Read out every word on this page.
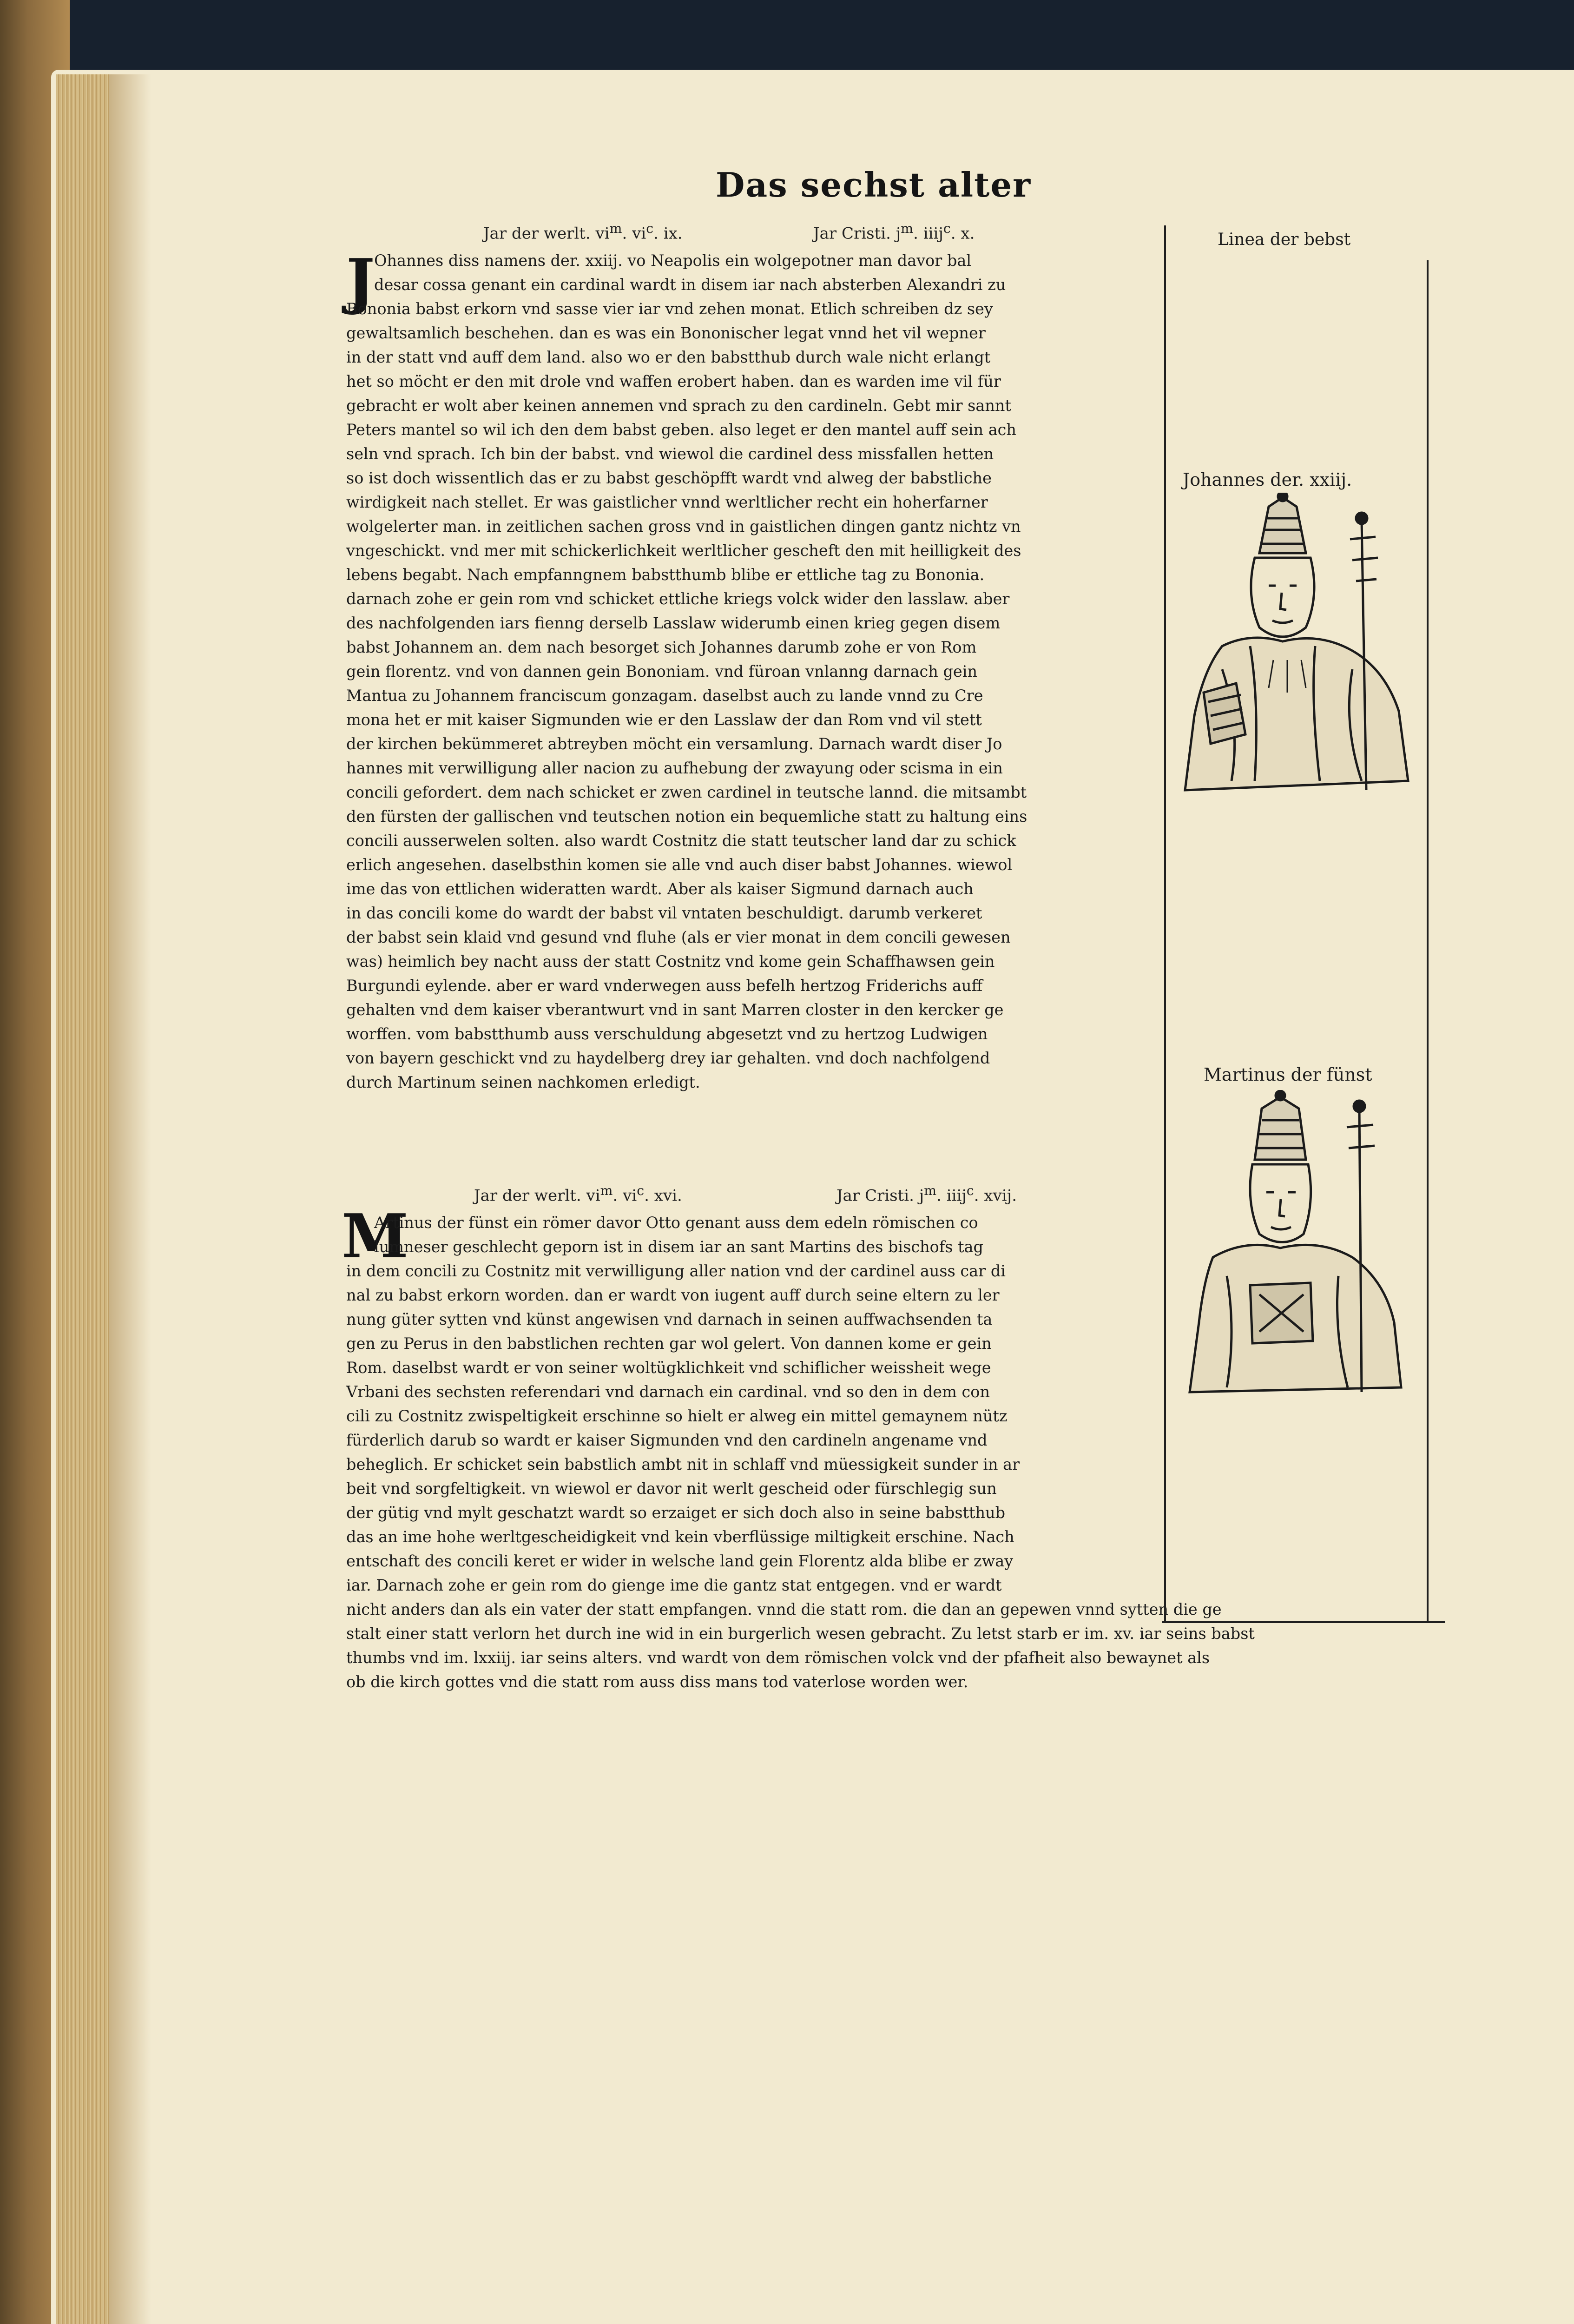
Das sechst alter
Jar der werlt. $vi^m$. $vi^c$. ix.	Jar Cristi. $j^m$. iiij$^c$. x.
J
Ohannes diss namens der. xxiij. vo Neapolis ein wolgepotner man davor bal
desar cossa genant ein cardinal wardt in disem iar nach absterben Alexandri zu
Bononia babst erkorn vnd sasse vier iar vnd zehen monat. Etlich schreiben dz sey
gewaltsamlich beschehen. dan es was ein Bononischer legat vnnd het vil wepner
in der statt vnd auff dem land. also wo er den babstthub durch wale nicht erlangt
het so möcht er den mit drole vnd waffen erobert haben. dan es warden ime vil für
gebracht er wolt aber keinen annemen vnd sprach zu den cardineln. Gebt mir sannt
Peters mantel so wil ich den dem babst geben. also leget er den mantel auff sein ach
seln vnd sprach. Ich bin der babst. vnd wiewol die cardinel dess missfallen hetten
so ist doch wissentlich das er zu babst geschöpfft wardt vnd alweg der babstliche
wirdigkeit nach stellet. Er was gaistlicher vnnd werltlicher recht ein hoherfarner
wolgelerter man. in zeitlichen sachen gross vnd in gaistlichen dingen gantz nichtz vn
vngeschickt. vnd mer mit schickerlichkeit werltlicher gescheft den mit heilligkeit des
lebens begabt. Nach empfanngnem babstthumb blibe er ettliche tag zu Bononia.
darnach zohe er gein rom vnd schicket ettliche kriegs volck wider den lasslaw. aber
des nachfolgenden iars fienng derselb Lasslaw widerumb einen krieg gegen disem
babst Johannem an. dem nach besorget sich Johannes darumb zohe er von Rom
gein florentz. vnd von dannen gein Bononiam. vnd füroan vnlanng darnach gein
Mantua zu Johannem franciscum gonzagam. daselbst auch zu lande vnnd zu Cre
mona het er mit kaiser Sigmunden wie er den Lasslaw der dan Rom vnd vil stett
der kirchen bekümmeret abtreyben möcht ein versamlung. Darnach wardt diser Jo
hannes mit verwilligung aller nacion zu aufhebung der zwayung oder scisma in ein
concili gefordert. dem nach schicket er zwen cardinel in teutsche lannd. die mitsambt
den fürsten der gallischen vnd teutschen notion ein bequemliche statt zu haltung eins
concili ausserwelen solten. also wardt Costnitz die statt teutscher land dar zu schick
erlich angesehen. daselbsthin komen sie alle vnd auch diser babst Johannes. wiewol
ime das von ettlichen wideratten wardt. Aber als kaiser Sigmund darnach auch
in das concili kome do wardt der babst vil vntaten beschuldigt. darumb verkeret
der babst sein klaid vnd gesund vnd fluhe (als er vier monat in dem concili gewesen
was) heimlich bey nacht auss der statt Costnitz vnd kome gein Schaffhawsen gein
Burgundi eylende. aber er ward vnderwegen auss befelh hertzog Friderichs auff
gehalten vnd dem kaiser vberantwurt vnd in sant Marren closter in den kercker ge
worffen. vom babstthumb auss verschuldung abgesetzt vnd zu hertzog Ludwigen
von bayern geschickt vnd zu haydelberg drey iar gehalten. vnd doch nachfolgend
durch Martinum seinen nachkomen erledigt.
Jar der werlt. $vi^m$. $vi^c$. xvi.	Jar Cristi. $j^m$. iiij$^c$. xvij.
M
Artinus der fünst ein römer davor Otto genant auss dem edeln römischen co
lumneser geschlecht geporn ist in disem iar an sant Martins des bischofs tag
in dem concili zu Costnitz mit verwilligung aller nation vnd der cardinel auss car di
nal zu babst erkorn worden. dan er wardt von iugent auff durch seine eltern zu ler
nung güter sytten vnd künst angewisen vnd darnach in seinen auffwachsenden ta
gen zu Perus in den babstlichen rechten gar wol gelert. Von dannen kome er gein
Rom. daselbst wardt er von seiner woltügklichkeit vnd schiflicher weissheit wege
Vrbani des sechsten referendari vnd darnach ein cardinal. vnd so den in dem con
cili zu Costnitz zwispeltigkeit erschinne so hielt er alweg ein mittel gemaynem nütz
fürderlich darub so wardt er kaiser Sigmunden vnd den cardineln angename vnd
beheglich. Er schicket sein babstlich ambt nit in schlaff vnd müessigkeit sunder in ar
beit vnd sorgfeltigkeit. vn wiewol er davor nit werlt gescheid oder fürschlegig sun
der gütig vnd mylt geschatzt wardt so erzaiget er sich doch also in seine babstthub
das an ime hohe werltgescheidigkeit vnd kein vberflüssige miltigkeit erschine. Nach
entschaft des concili keret er wider in welsche land gein Florentz alda blibe er zway
iar. Darnach zohe er gein rom do gienge ime die gantz stat entgegen. vnd er wardt
nicht anders dan als ein vater der statt empfangen. vnnd die statt rom. die dan an gepewen vnnd sytten die ge
stalt einer statt verlorn het durch ine wid in ein burgerlich wesen gebracht. Zu letst starb er im. xv. iar seins babst
thumbs vnd im. lxxiij. iar seins alters. vnd wardt von dem römischen volck vnd der pfafheit also bewaynet als
ob die kirch gottes vnd die statt rom auss diss mans tod vaterlose worden wer.
Linea der bebst
Johannes der. xxiij.
Martinus der fünst
